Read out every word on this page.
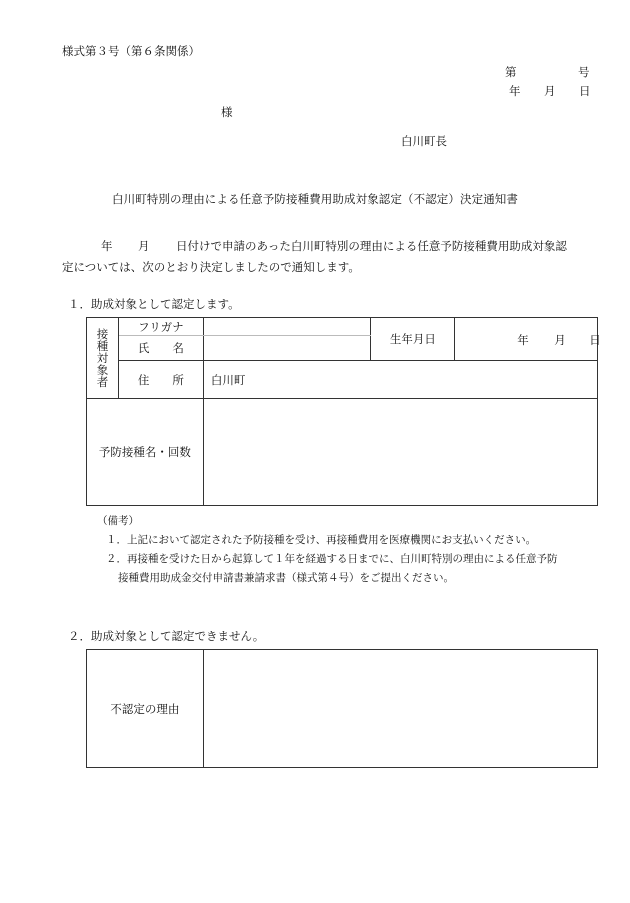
様式第３号（第６条関係）
第	号
年 月 日
様
白川町長
白川町特別の理由による任意予防接種費用助成対象認定（不認定）決定通知書
年 月 日付けで申請のあった白川町特別の理由による任意予防接種費用助成対象認
定については、次のとおり決定しましたので通知します。
１．助成対象として認定します。
接種対象者	フリガナ		生年月日	年 月 日

	氏　　名			
	住　　所	白川町		
予防接種名・回数				
（備考）
１．上記において認定された予防接種を受け、再接種費用を医療機関にお支払いください。
２．再接種を受けた日から起算して１年を経過する日までに、白川町特別の理由による任意予防
接種費用助成金交付申請書兼請求書（様式第４号）をご提出ください。
２．助成対象として認定できません。
不認定の理由	
